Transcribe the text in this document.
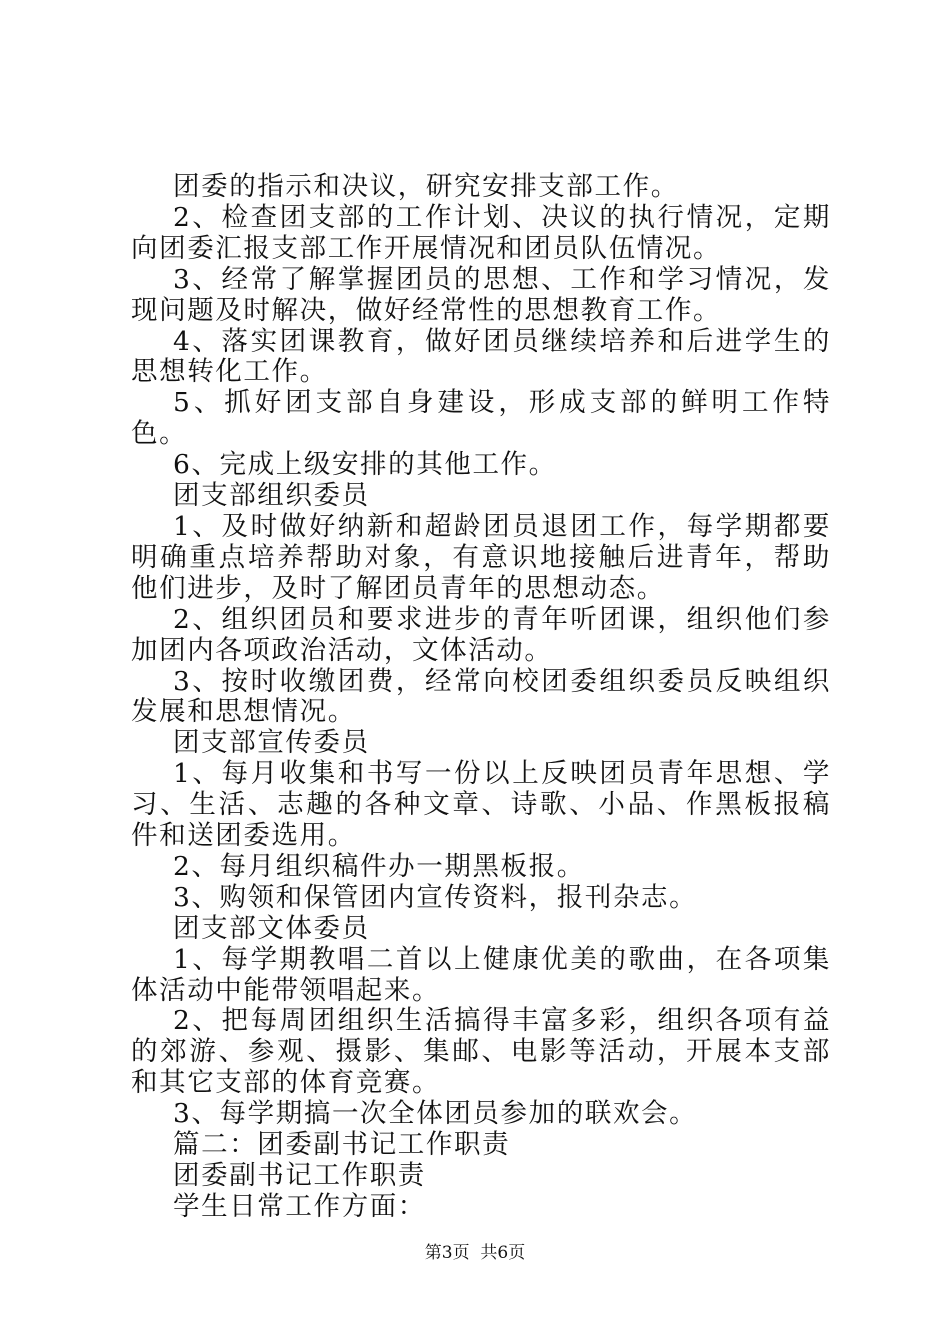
团委的指示和决议，研究安排支部工作。

2、检查团支部的工作计划、决议的执行情况，定期向团委汇报支部工作开展情况和团员队伍情况。

3、经常了解掌握团员的思想、工作和学习情况，发现问题及时解决，做好经常性的思想教育工作。

4、落实团课教育，做好团员继续培养和后进学生的思想转化工作。

5、抓好团支部自身建设，形成支部的鲜明工作特色。

6、完成上级安排的其他工作。

团支部组织委员

1、及时做好纳新和超龄团员退团工作，每学期都要明确重点培养帮助对象，有意识地接触后进青年，帮助他们进步，及时了解团员青年的思想动态。

2、组织团员和要求进步的青年听团课，组织他们参加团内各项政治活动，文体活动。

3、按时收缴团费，经常向校团委组织委员反映组织发展和思想情况。

团支部宣传委员

1、每月收集和书写一份以上反映团员青年思想、学习、生活、志趣的各种文章、诗歌、小品、作黑板报稿件和送团委选用。

2、每月组织稿件办一期黑板报。

3、购领和保管团内宣传资料，报刊杂志。

团支部文体委员

1、每学期教唱二首以上健康优美的歌曲，在各项集体活动中能带领唱起来。

2、把每周团组织生活搞得丰富多彩，组织各项有益的郊游、参观、摄影、集邮、电影等活动，开展本支部和其它支部的体育竞赛。

3、每学期搞一次全体团员参加的联欢会。

篇二：团委副书记工作职责

团委副书记工作职责

学生日常工作方面：

第3页 共6页
